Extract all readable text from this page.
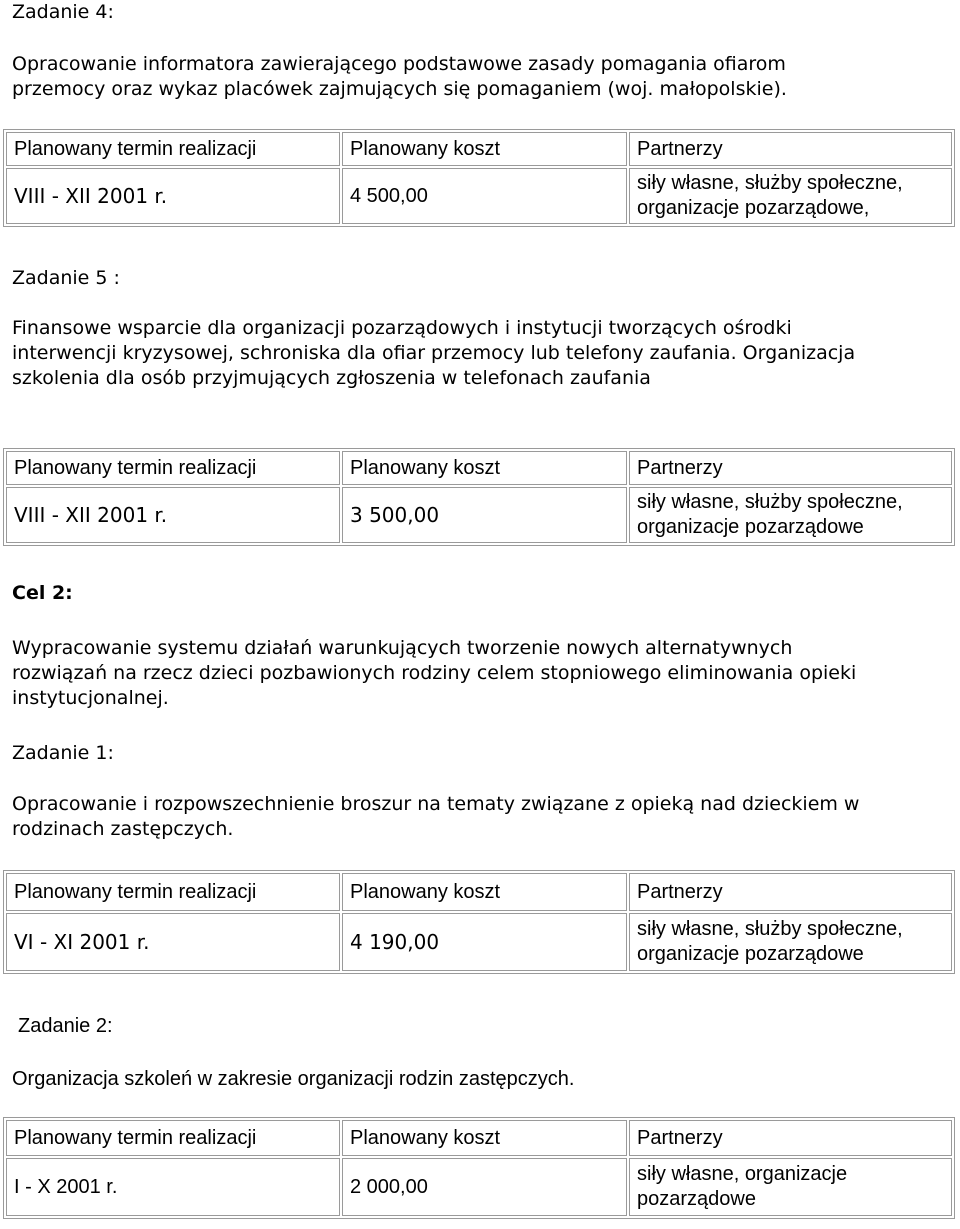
Zadanie 4:
Opracowanie informatora zawierającego podstawowe zasady pomagania ofiarom
przemocy oraz wykaz placówek zajmujących się pomaganiem (woj. małopolskie).
Planowany termin realizacji	Planowany koszt	Partnerzy
VIII - XII 2001 r.	4 500,00	siły własne, służby społeczne,
organizacje pozarządowe,
Zadanie 5 :
Finansowe wsparcie dla organizacji pozarządowych i instytucji tworzących ośrodki
interwencji kryzysowej, schroniska dla ofiar przemocy lub telefony zaufania. Organizacja
szkolenia dla osób przyjmujących zgłoszenia w telefonach zaufania
Planowany termin realizacji	Planowany koszt	Partnerzy
VIII - XII 2001 r.	3 500,00	siły własne, służby społeczne,
organizacje pozarządowe
Cel 2:
Wypracowanie systemu działań warunkujących tworzenie nowych alternatywnych
rozwiązań na rzecz dzieci pozbawionych rodziny celem stopniowego eliminowania opieki
instytucjonalnej.
Zadanie 1:
Opracowanie i rozpowszechnienie broszur na tematy związane z opieką nad dzieckiem w
rodzinach zastępczych.
Planowany termin realizacji	Planowany koszt	Partnerzy
VI - XI 2001 r.	4 190,00	siły własne, służby społeczne,
organizacje pozarządowe
Zadanie 2:
Organizacja szkoleń w zakresie organizacji rodzin zastępczych.
Planowany termin realizacji	Planowany koszt	Partnerzy
I - X 2001 r.	2 000,00	siły własne, organizacje
pozarządowe
